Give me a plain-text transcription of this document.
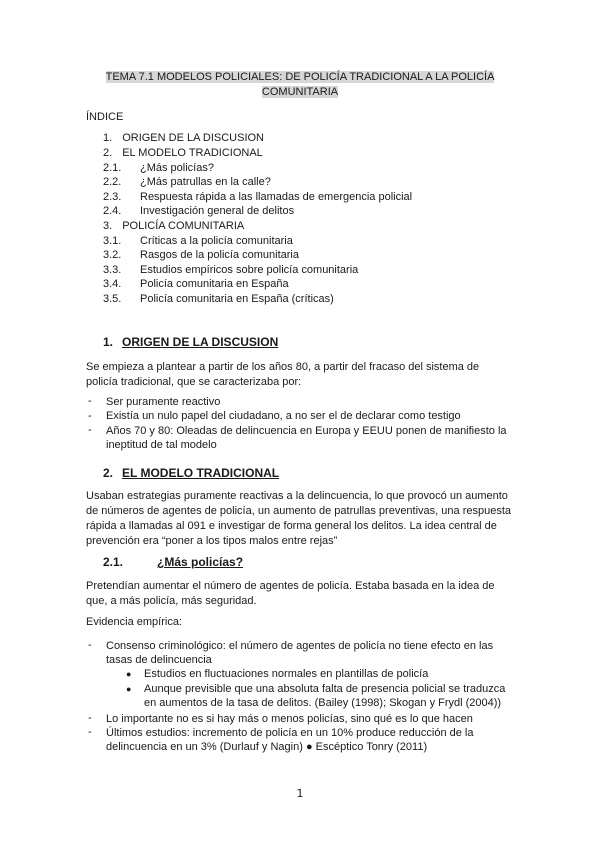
TEMA 7.1 MODELOS POLICIALES: DE POLICÍA TRADICIONAL A LA POLICÍA COMUNITARIA
ÍNDICE
1. ORIGEN DE LA DISCUSION
2. EL MODELO TRADICIONAL
2.1. ¿Más policías?
2.2. ¿Más patrullas en la calle?
2.3. Respuesta rápida a las llamadas de emergencia policial
2.4. Investigación general de delitos
3. POLICÍA COMUNITARIA
3.1. Críticas a la policía comunitaria
3.2. Rasgos de la policía comunitaria
3.3. Estudios empíricos sobre policía comunitaria
3.4. Policía comunitaria en España
3.5. Policía comunitaria en España (críticas)
1. ORIGEN DE LA DISCUSION
Se empieza a plantear a partir de los años 80, a partir del fracaso del sistema de policía tradicional, que se caracterizaba por:
- Ser puramente reactivo
- Existía un nulo papel del ciudadano, a no ser el de declarar como testigo
- Años 70 y 80: Oleadas de delincuencia en Europa y EEUU ponen de manifiesto la ineptitud de tal modelo
2. EL MODELO TRADICIONAL
Usaban estrategias puramente reactivas a la delincuencia, lo que provocó un aumento de números de agentes de policía, un aumento de patrullas preventivas, una respuesta rápida a llamadas al 091 e investigar de forma general los delitos. La idea central de prevención era “poner a los tipos malos entre rejas”
2.1.	¿Más policías?
Pretendían aumentar el número de agentes de policía. Estaba basada en la idea de que, a más policía, más seguridad.
Evidencia empírica:
- Consenso criminológico: el número de agentes de policía no tiene efecto en las tasas de delincuencia
● Estudios en fluctuaciones normales en plantillas de policía
● Aunque previsible que una absoluta falta de presencia policial se traduzca en aumentos de la tasa de delitos. (Bailey (1998); Skogan y Frydl (2004))
- Lo importante no es si hay más o menos policías, sino qué es lo que hacen
- Últimos estudios: incremento de policía en un 10% produce reducción de la delincuencia en un 3% (Durlauf y Nagin) ● Escéptico Tonry (2011)
1
